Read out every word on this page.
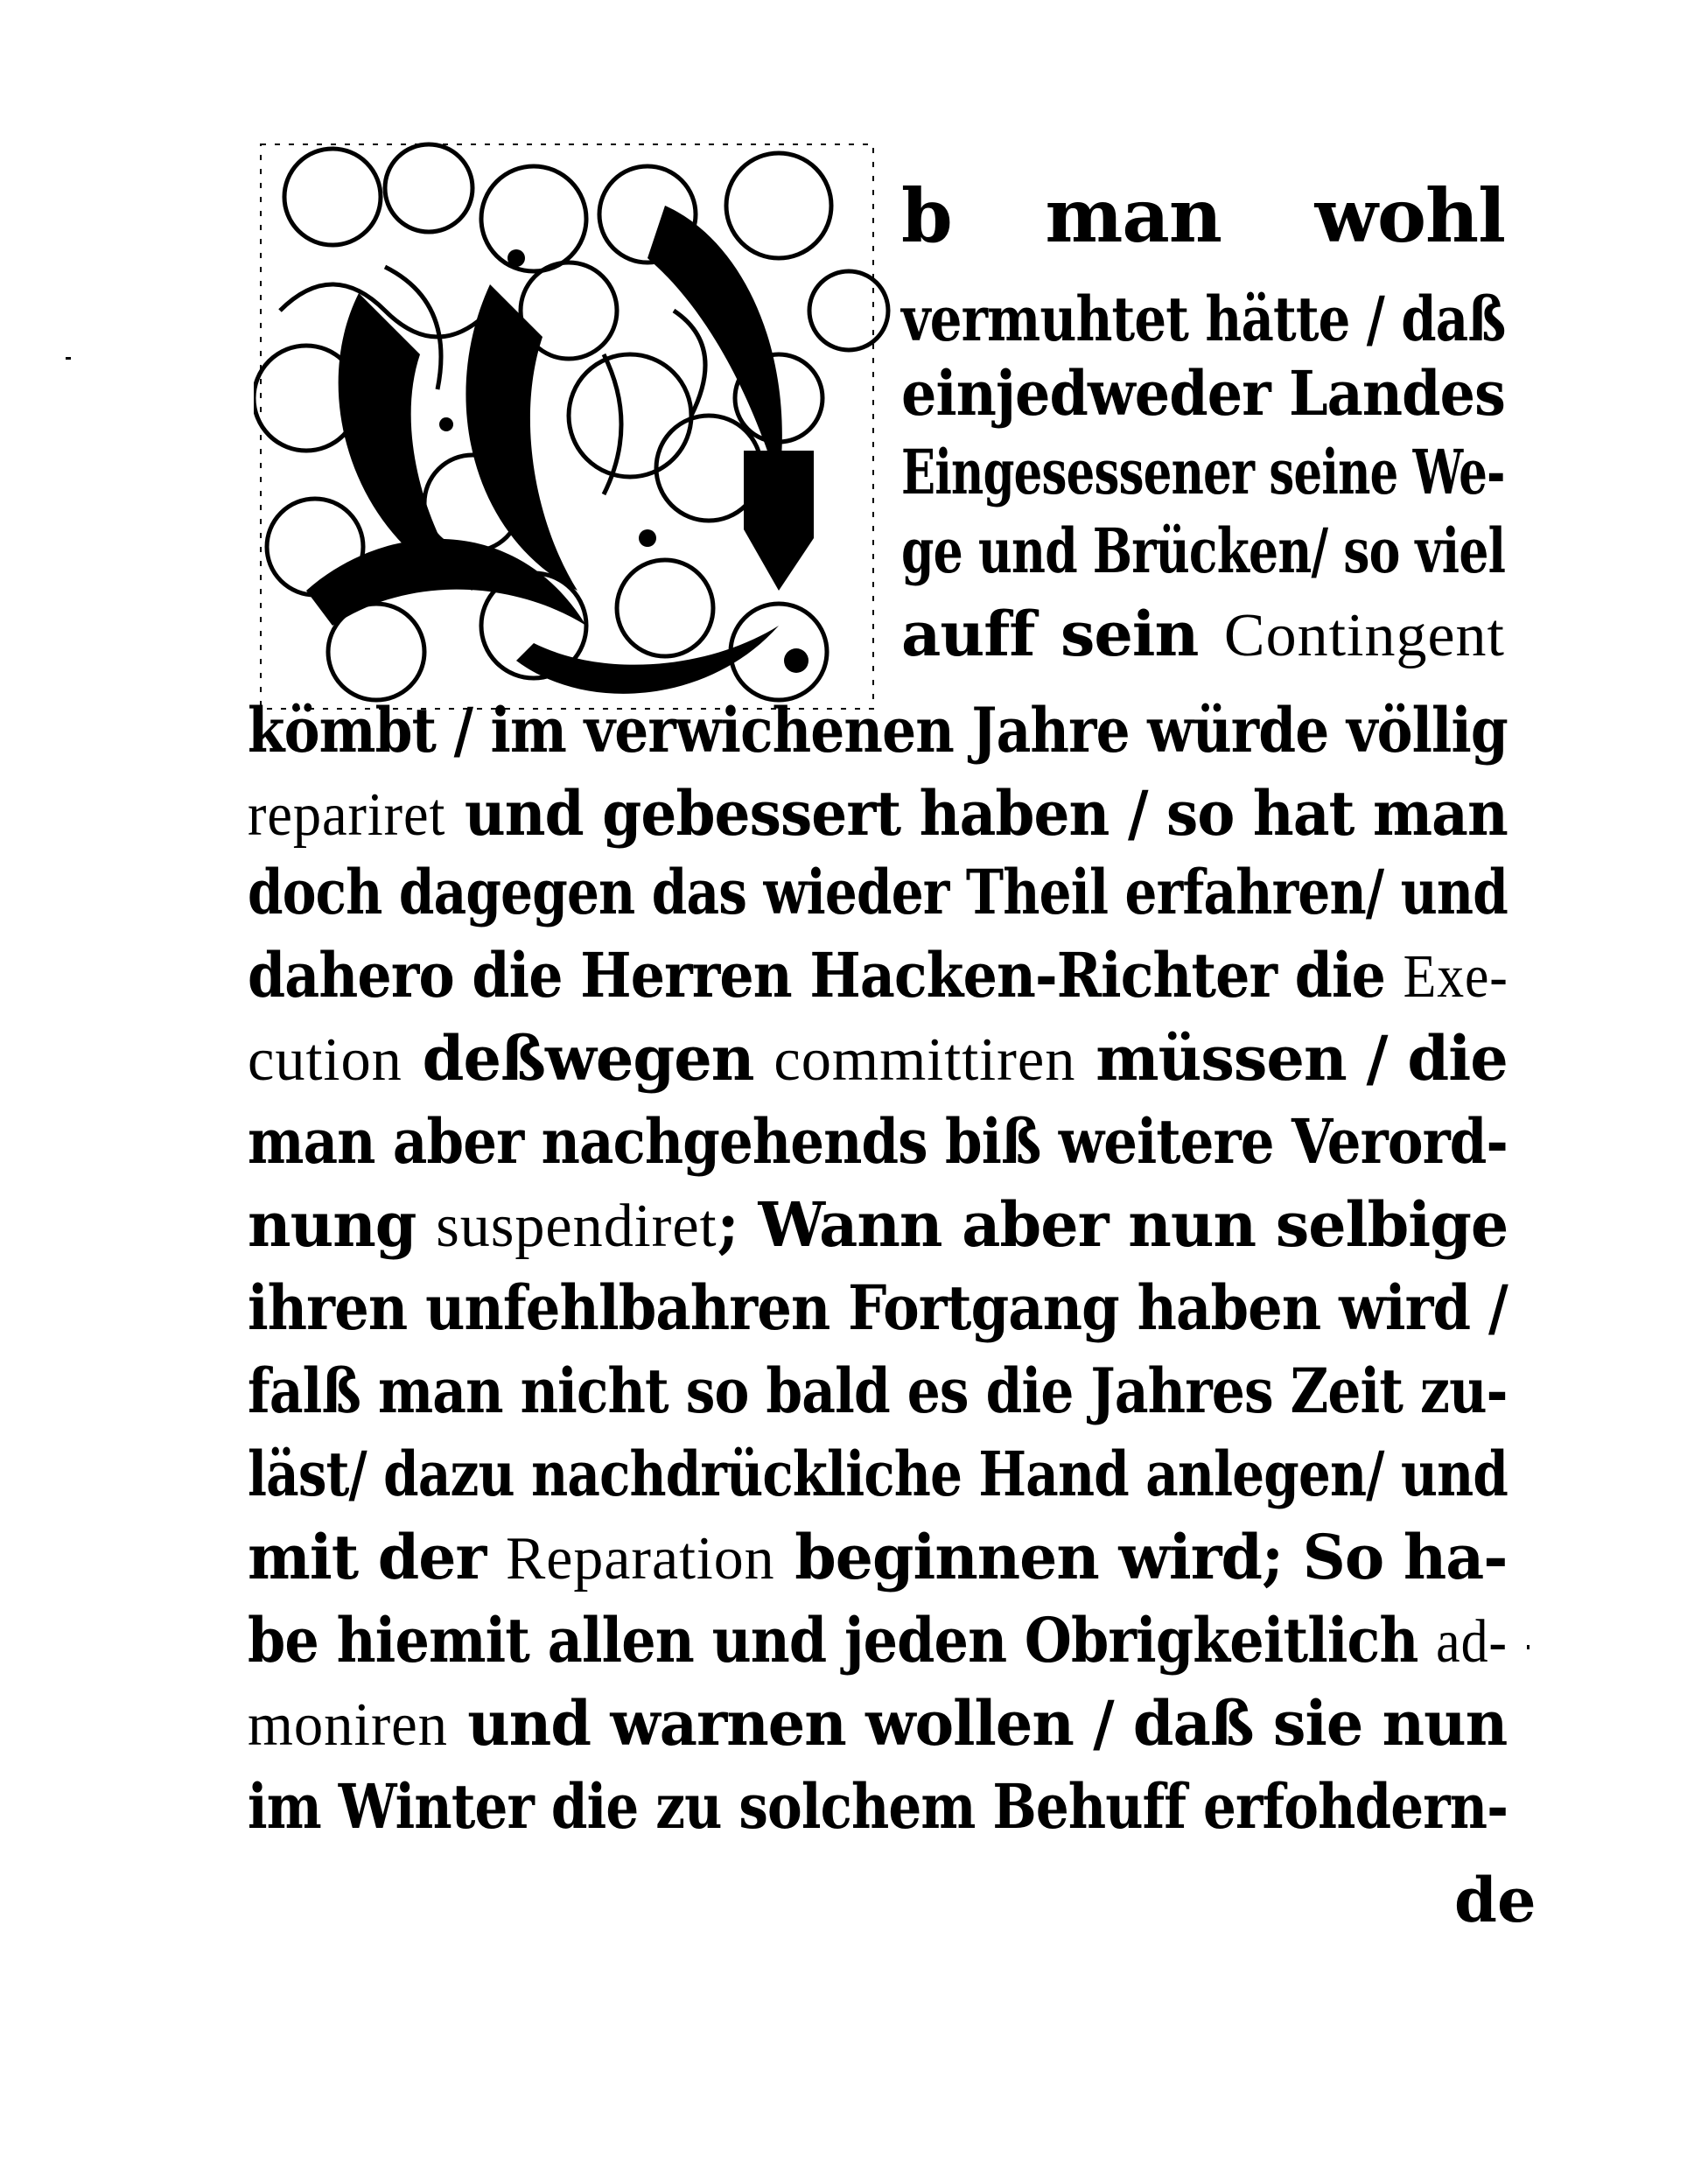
b man wohl
vermuhtet hätte / daß
einjedweder Landes
Eingesessener seine We-
ge und Brücken/ so viel
auff sein Contingent
kömbt / im verwichenen Jahre würde völlig
repariret und gebessert haben / so hat man
doch dagegen das wieder Theil erfahren/ und
dahero die Herren Hacken-Richter die Exe-
cution deßwegen committiren müssen / die
man aber nachgehends biß weitere Verord-
nung suspendiret; Wann aber nun selbige
ihren unfehlbahren Fortgang haben wird /
falß man nicht so bald es die Jahres Zeit zu-
läst/ dazu nachdrückliche Hand anlegen/ und
mit der Reparation beginnen wird; So ha-
be hiemit allen und jeden Obrigkeitlich ad-
moniren und warnen wollen / daß sie nun
im Winter die zu solchem Behuff erfohdern-
de
